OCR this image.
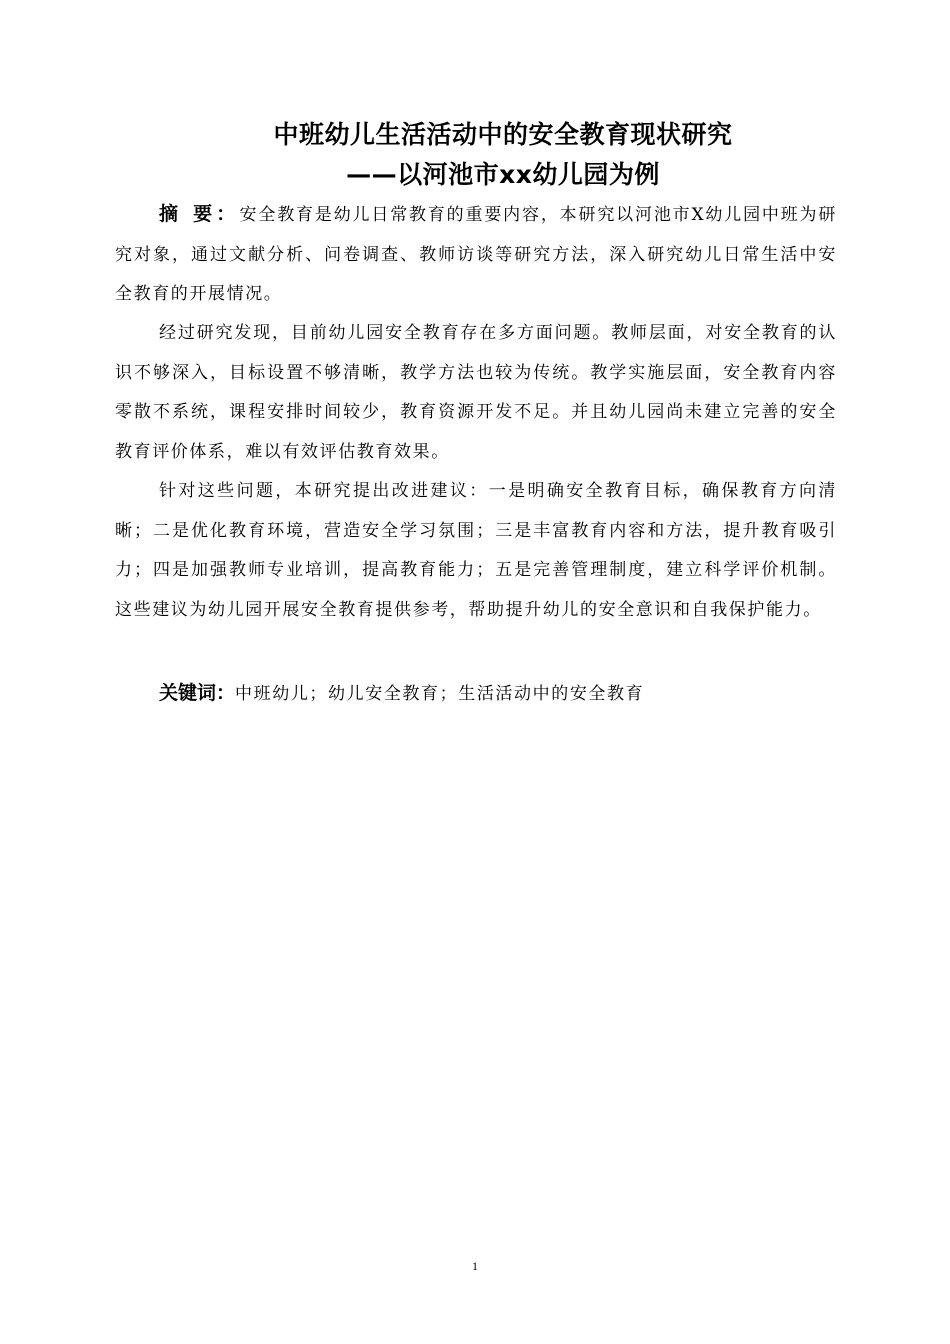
中班幼儿生活活动中的安全教育现状研究
——以河池市xx幼儿园为例

摘 要：安全教育是幼儿日常教育的重要内容，本研究以河池市X幼儿园中班为研究对象，通过文献分析、问卷调查、教师访谈等研究方法，深入研究幼儿日常生活中安全教育的开展情况。

经过研究发现，目前幼儿园安全教育存在多方面问题。教师层面，对安全教育的认识不够深入，目标设置不够清晰，教学方法也较为传统。教学实施层面，安全教育内容零散不系统，课程安排时间较少，教育资源开发不足。并且幼儿园尚未建立完善的安全教育评价体系，难以有效评估教育效果。

针对这些问题，本研究提出改进建议：一是明确安全教育目标，确保教育方向清晰；二是优化教育环境，营造安全学习氛围；三是丰富教育内容和方法，提升教育吸引力；四是加强教师专业培训，提高教育能力；五是完善管理制度，建立科学评价机制。这些建议为幼儿园开展安全教育提供参考，帮助提升幼儿的安全意识和自我保护能力。

关键词：中班幼儿；幼儿安全教育；生活活动中的安全教育

1
